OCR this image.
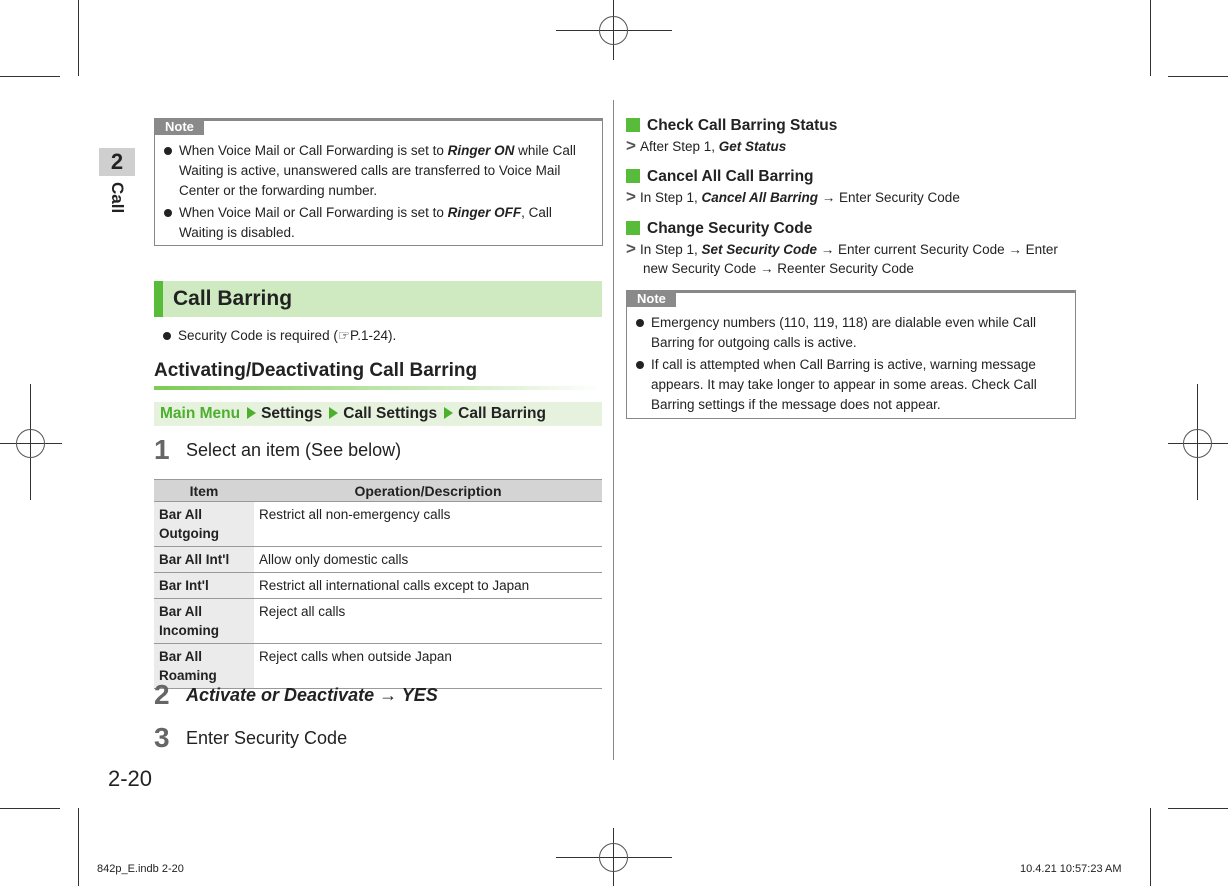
2
Call
2-20
Note
When Voice Mail or Call Forwarding is set to Ringer ON while Call Waiting is active, unanswered calls are transferred to Voice Mail Center or the forwarding number.
When Voice Mail or Call Forwarding is set to Ringer OFF, Call Waiting is disabled.
Call Barring
Security Code is required (☞P.1-24).
Activating/Deactivating Call Barring
Main Menu Settings Call Settings Call Barring
1 Select an item (See below)
Item	Operation/Description
Bar All Outgoing	Restrict all non-emergency calls
Bar All Int'l	Allow only domestic calls
Bar Int'l	Restrict all international calls except to Japan
Bar All Incoming	Reject all calls
Bar All Roaming	Reject calls when outside Japan
2 Activate or Deactivate → YES
3 Enter Security Code
Check Call Barring Status
> After Step 1, Get Status
Cancel All Call Barring
> In Step 1, Cancel All Barring → Enter Security Code
Change Security Code
> In Step 1, Set Security Code → Enter current Security Code → Enter
new Security Code → Reenter Security Code
Note
Emergency numbers (110, 119, 118) are dialable even while Call Barring for outgoing calls is active.
If call is attempted when Call Barring is active, warning message appears. It may take longer to appear in some areas. Check Call Barring settings if the message does not appear.
842p_E.indb 2-20	10.4.21 10:57:23 AM
